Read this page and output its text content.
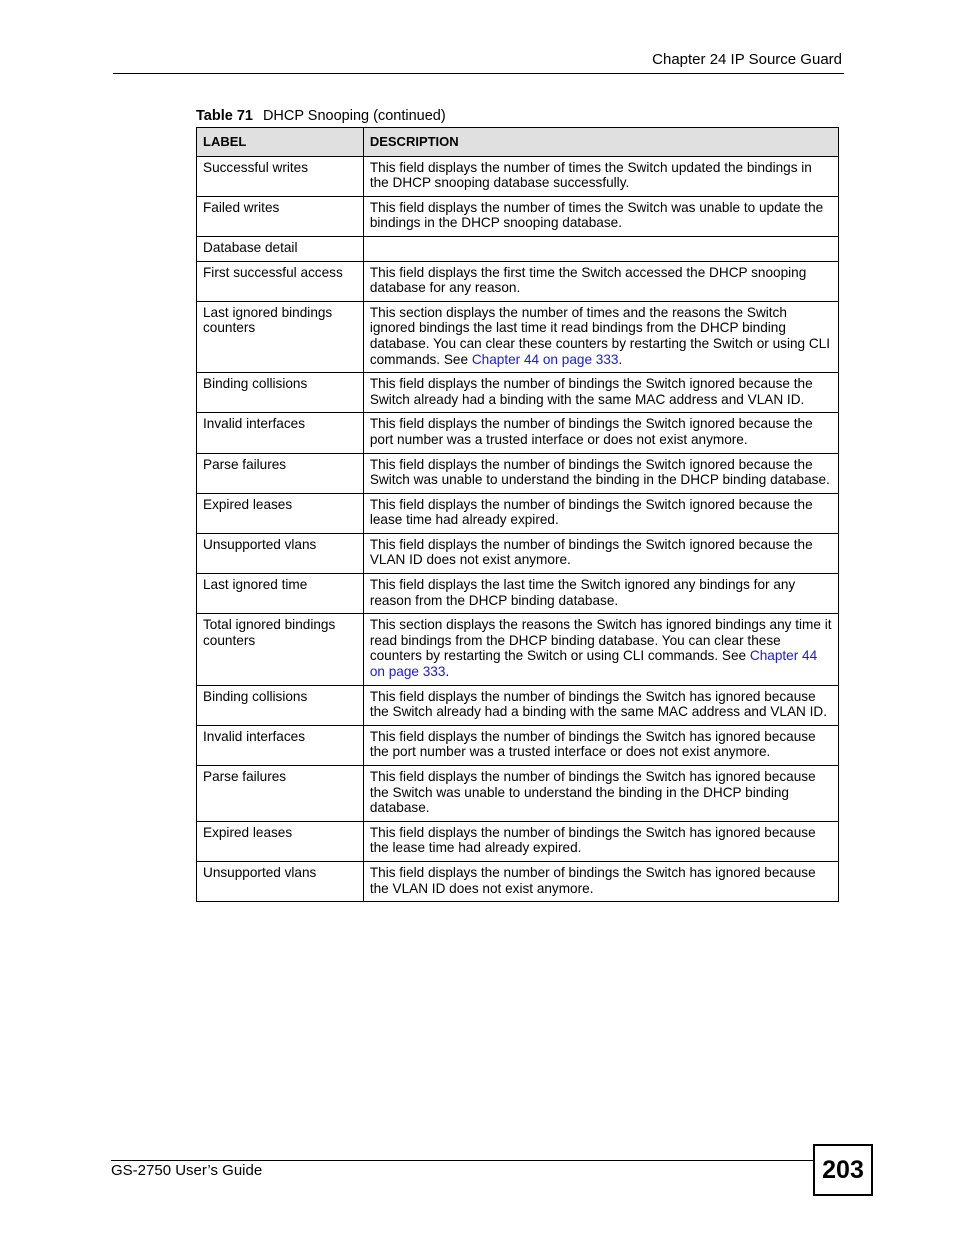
Chapter 24 IP Source Guard
Table 71 DHCP Snooping (continued)
LABEL	DESCRIPTION
Successful writes	This field displays the number of times the Switch updated the bindings in the DHCP snooping database successfully.
Failed writes	This field displays the number of times the Switch was unable to update the bindings in the DHCP snooping database.
Database detail	
First successful access	This field displays the first time the Switch accessed the DHCP snooping database for any reason.
Last ignored bindings counters	This section displays the number of times and the reasons the Switch ignored bindings the last time it read bindings from the DHCP binding database. You can clear these counters by restarting the Switch or using CLI commands. See Chapter 44 on page 333.
Binding collisions	This field displays the number of bindings the Switch ignored because the Switch already had a binding with the same MAC address and VLAN ID.
Invalid interfaces	This field displays the number of bindings the Switch ignored because the port number was a trusted interface or does not exist anymore.
Parse failures	This field displays the number of bindings the Switch ignored because the Switch was unable to understand the binding in the DHCP binding database.
Expired leases	This field displays the number of bindings the Switch ignored because the lease time had already expired.
Unsupported vlans	This field displays the number of bindings the Switch ignored because the VLAN ID does not exist anymore.
Last ignored time	This field displays the last time the Switch ignored any bindings for any reason from the DHCP binding database.
Total ignored bindings counters	This section displays the reasons the Switch has ignored bindings any time it read bindings from the DHCP binding database. You can clear these counters by restarting the Switch or using CLI commands. See Chapter 44 on page 333.
Binding collisions	This field displays the number of bindings the Switch has ignored because the Switch already had a binding with the same MAC address and VLAN ID.
Invalid interfaces	This field displays the number of bindings the Switch has ignored because the port number was a trusted interface or does not exist anymore.
Parse failures	This field displays the number of bindings the Switch has ignored because the Switch was unable to understand the binding in the DHCP binding database.
Expired leases	This field displays the number of bindings the Switch has ignored because the lease time had already expired.
Unsupported vlans	This field displays the number of bindings the Switch has ignored because the VLAN ID does not exist anymore.
GS-2750 User’s Guide	203
